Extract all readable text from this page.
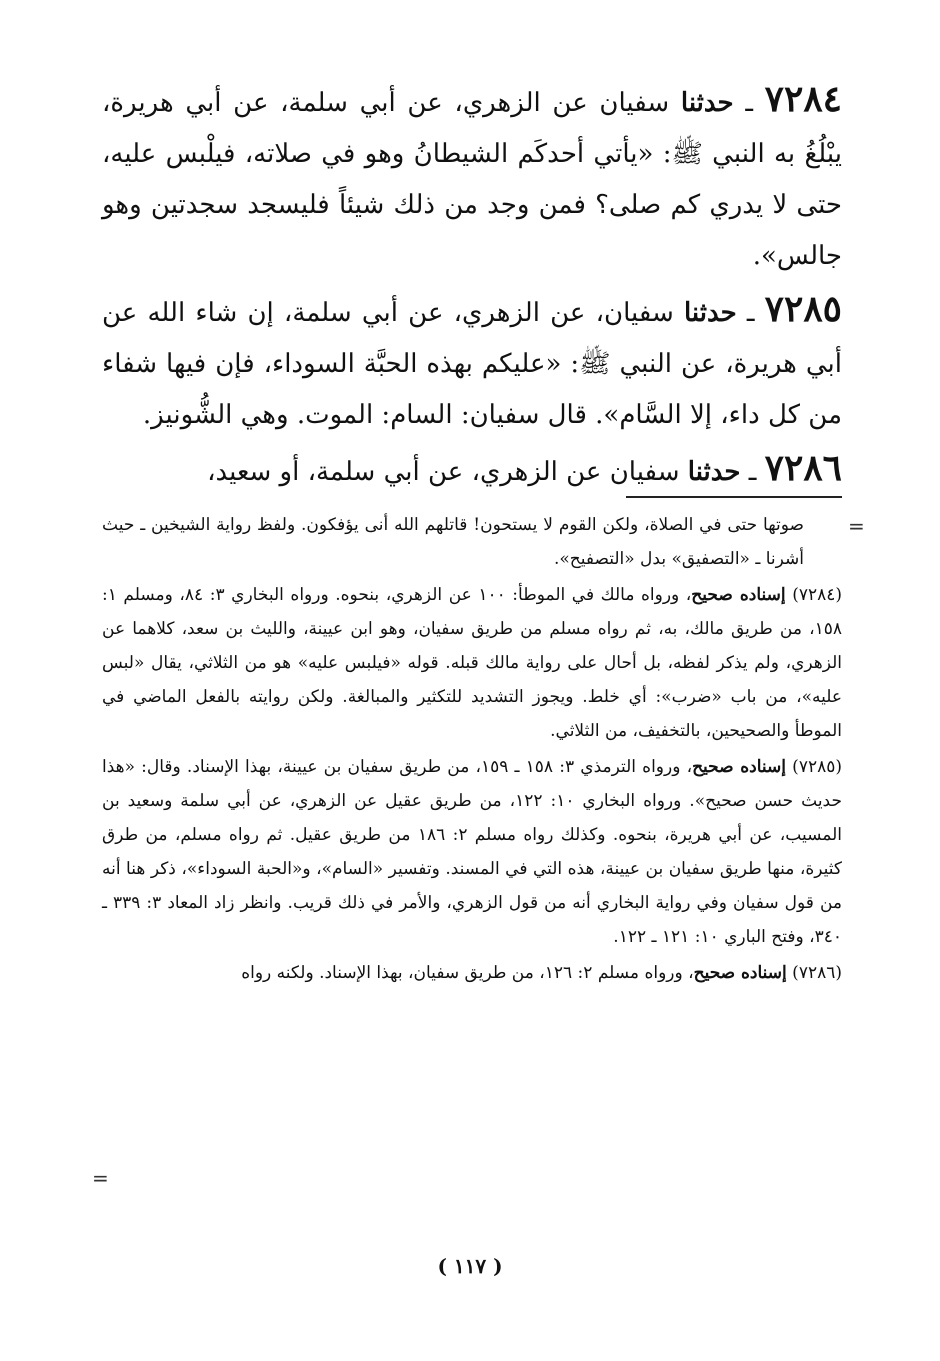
٧٢٨٤ ـ حدثنا سفيان عن الزهري، عن أبي سلمة، عن أبي هريرة، يبْلُغُ به النبي ﷺ: «يأتي أحدكَم الشيطانُ وهو في صلاته، فيلْبس عليه، حتى لا يدري كم صلى؟ فمن وجد من ذلك شيئاً فليسجد سجدتين وهو جالس».

٧٢٨٥ ـ حدثنا سفيان، عن الزهري، عن أبي سلمة، إن شاء الله عن أبي هريرة، عن النبي ﷺ: «عليكم بهذه الحبَّة السوداء، فإن فيها شفاء من كل داء، إلا السَّام». قال سفيان: السام: الموت. وهي الشُّونيز.

٧٢٨٦ ـ حدثنا سفيان عن الزهري، عن أبي سلمة، أو سعيد،

=

صوتها حتى في الصلاة، ولكن القوم لا يستحون! قاتلهم الله أنى يؤفكون. ولفظ رواية الشيخين ـ حيث أشرنا ـ «التصفيق» بدل «التصفيح».

(٧٢٨٤) إسناده صحيح، ورواه مالك في الموطأ: ١٠٠ عن الزهري، بنحوه. ورواه البخاري ٣: ٨٤، ومسلم ١: ١٥٨، من طريق مالك، به، ثم رواه مسلم من طريق سفيان، وهو ابن عيينة، والليث بن سعد، كلاهما عن الزهري، ولم يذكر لفظه، بل أحال على رواية مالك قبله. قوله «فيلبس عليه» هو من الثلاثي، يقال «لبس عليه»، من باب «ضرب»: أي خلط. ويجوز التشديد للتكثير والمبالغة. ولكن روايته بالفعل الماضي في الموطأ والصحيحين، بالتخفيف، من الثلاثي.

(٧٢٨٥) إسناده صحيح، ورواه الترمذي ٣: ١٥٨ ـ ١٥٩، من طريق سفيان بن عيينة، بهذا الإسناد. وقال: «هذا حديث حسن صحيح». ورواه البخاري ١٠: ١٢٢، من طريق عقيل عن الزهري، عن أبي سلمة وسعيد بن المسيب، عن أبي هريرة، بنحوه. وكذلك رواه مسلم ٢: ١٨٦ من طريق عقيل. ثم رواه مسلم، من طرق كثيرة، منها طريق سفيان بن عيينة، هذه التي في المسند. وتفسير «السام»، و«الحبة السوداء»، ذكر هنا أنه من قول سفيان وفي رواية البخاري أنه من قول الزهري، والأمر في ذلك قريب. وانظر زاد المعاد ٣: ٣٣٩ ـ ٣٤٠، وفتح الباري ١٠: ١٢١ ـ ١٢٢.

(٧٢٨٦) إسناده صحيح، ورواه مسلم ٢: ١٢٦، من طريق سفيان، بهذا الإسناد. ولكنه رواه

=
( ١١٧ )
